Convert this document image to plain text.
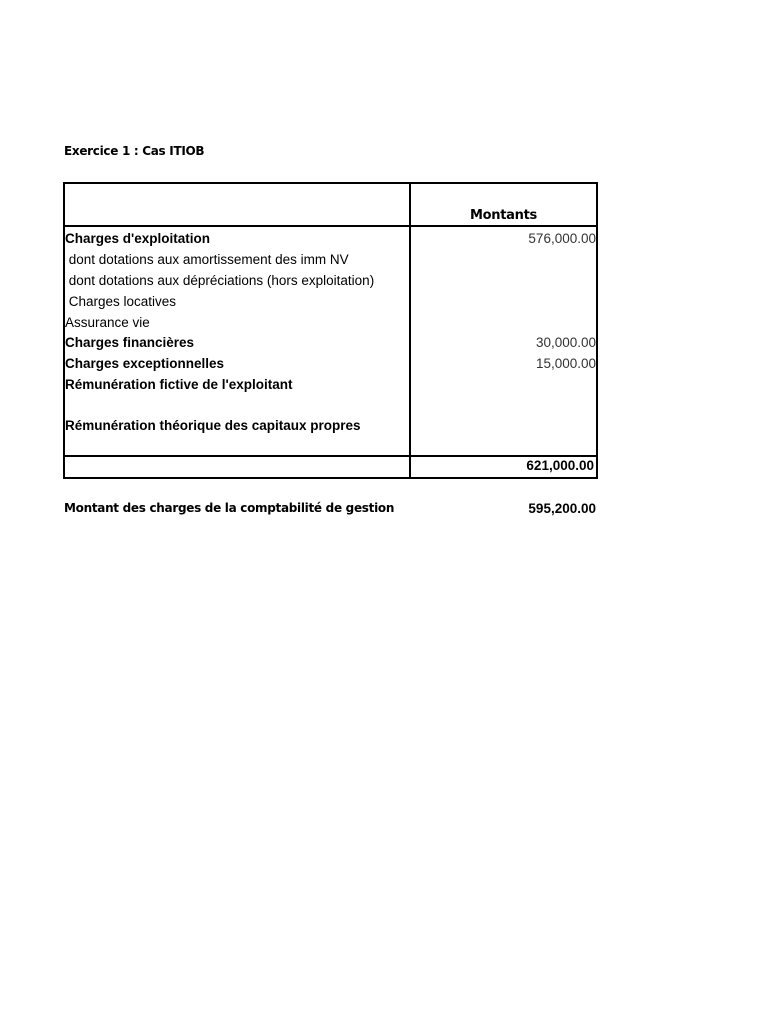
Exercice 1 : Cas ITIOB
Montants
Charges d'exploitation	576,000.00
dont dotations aux amortissement des imm NV
dont dotations aux dépréciations (hors exploitation)
Charges locatives
Assurance vie
Charges financières	30,000.00
Charges exceptionnelles	15,000.00
Rémunération fictive de l'exploitant
Rémunération théorique des capitaux propres
621,000.00
Montant des charges de la comptabilité de gestion	595,200.00
